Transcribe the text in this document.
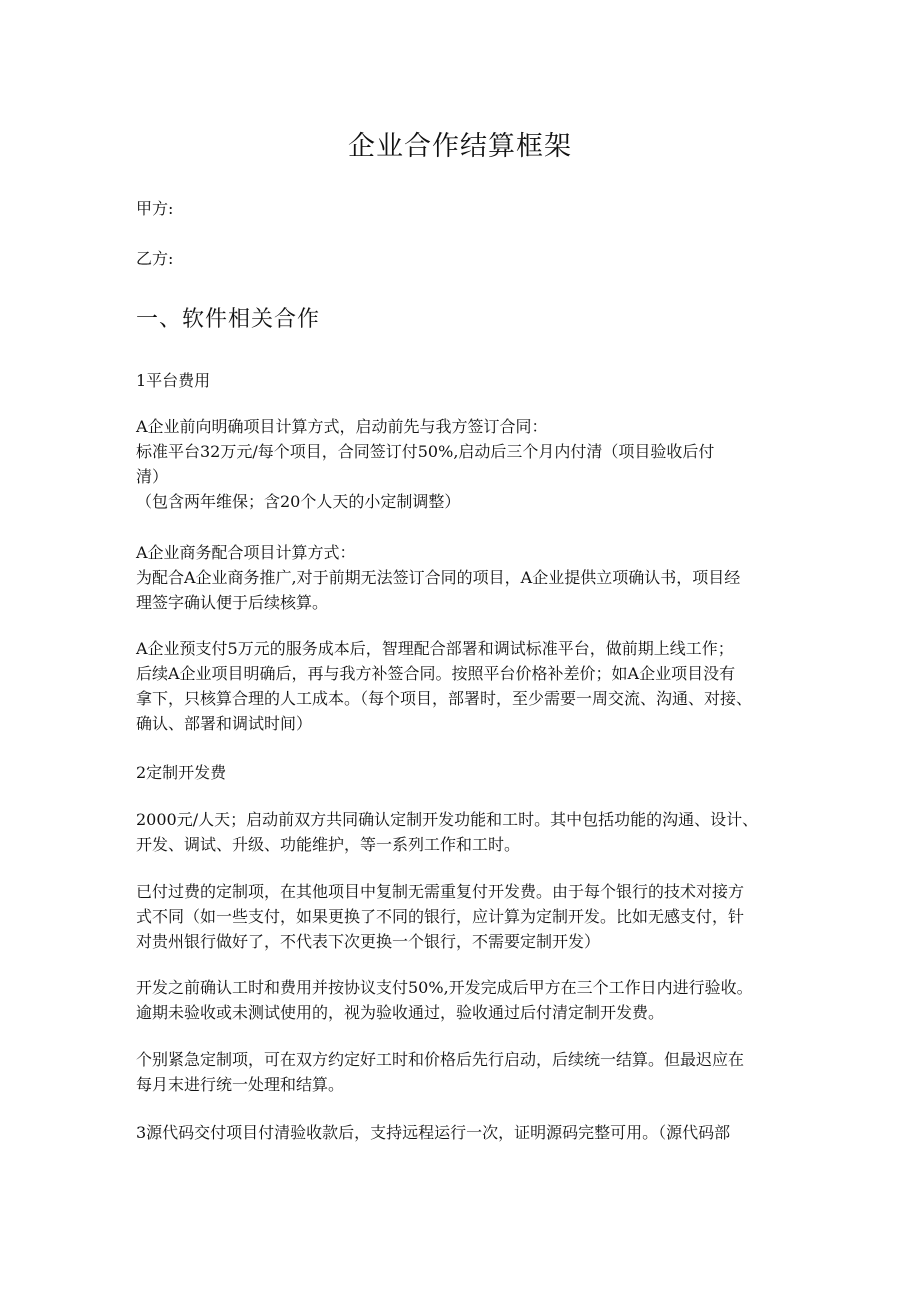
企业合作结算框架
甲方:
乙方:
一、软件相关合作
1平台费用
A企业前向明确项目计算方式，启动前先与我方签订合同：
标准平台32万元/每个项目，合同签订付50%,启动后三个月内付清（项目验收后付
清）
（包含两年维保；含20个人天的小定制调整）
A企业商务配合项目计算方式：
为配合A企业商务推广,对于前期无法签订合同的项目，A企业提供立项确认书，项目经
理签字确认便于后续核算。
A企业预支付5万元的服务成本后，智理配合部署和调试标准平台，做前期上线工作；
后续A企业项目明确后，再与我方补签合同。按照平台价格补差价；如A企业项目没有
拿下，只核算合理的人工成本。（每个项目，部署时，至少需要一周交流、沟通、对接、
确认、部署和调试时间）
2定制开发费
2000元/人天；启动前双方共同确认定制开发功能和工时。其中包括功能的沟通、设计、
开发、调试、升级、功能维护，等一系列工作和工时。
已付过费的定制项，在其他项目中复制无需重复付开发费。由于每个银行的技术对接方
式不同（如一些支付，如果更换了不同的银行，应计算为定制开发。比如无感支付，针
对贵州银行做好了，不代表下次更换一个银行，不需要定制开发）
开发之前确认工时和费用并按协议支付50%,开发完成后甲方在三个工作日内进行验收。
逾期未验收或未测试使用的，视为验收通过，验收通过后付清定制开发费。
个别紧急定制项，可在双方约定好工时和价格后先行启动，后续统一结算。但最迟应在
每月末进行统一处理和结算。
3源代码交付项目付清验收款后，支持远程运行一次，证明源码完整可用。（源代码部
